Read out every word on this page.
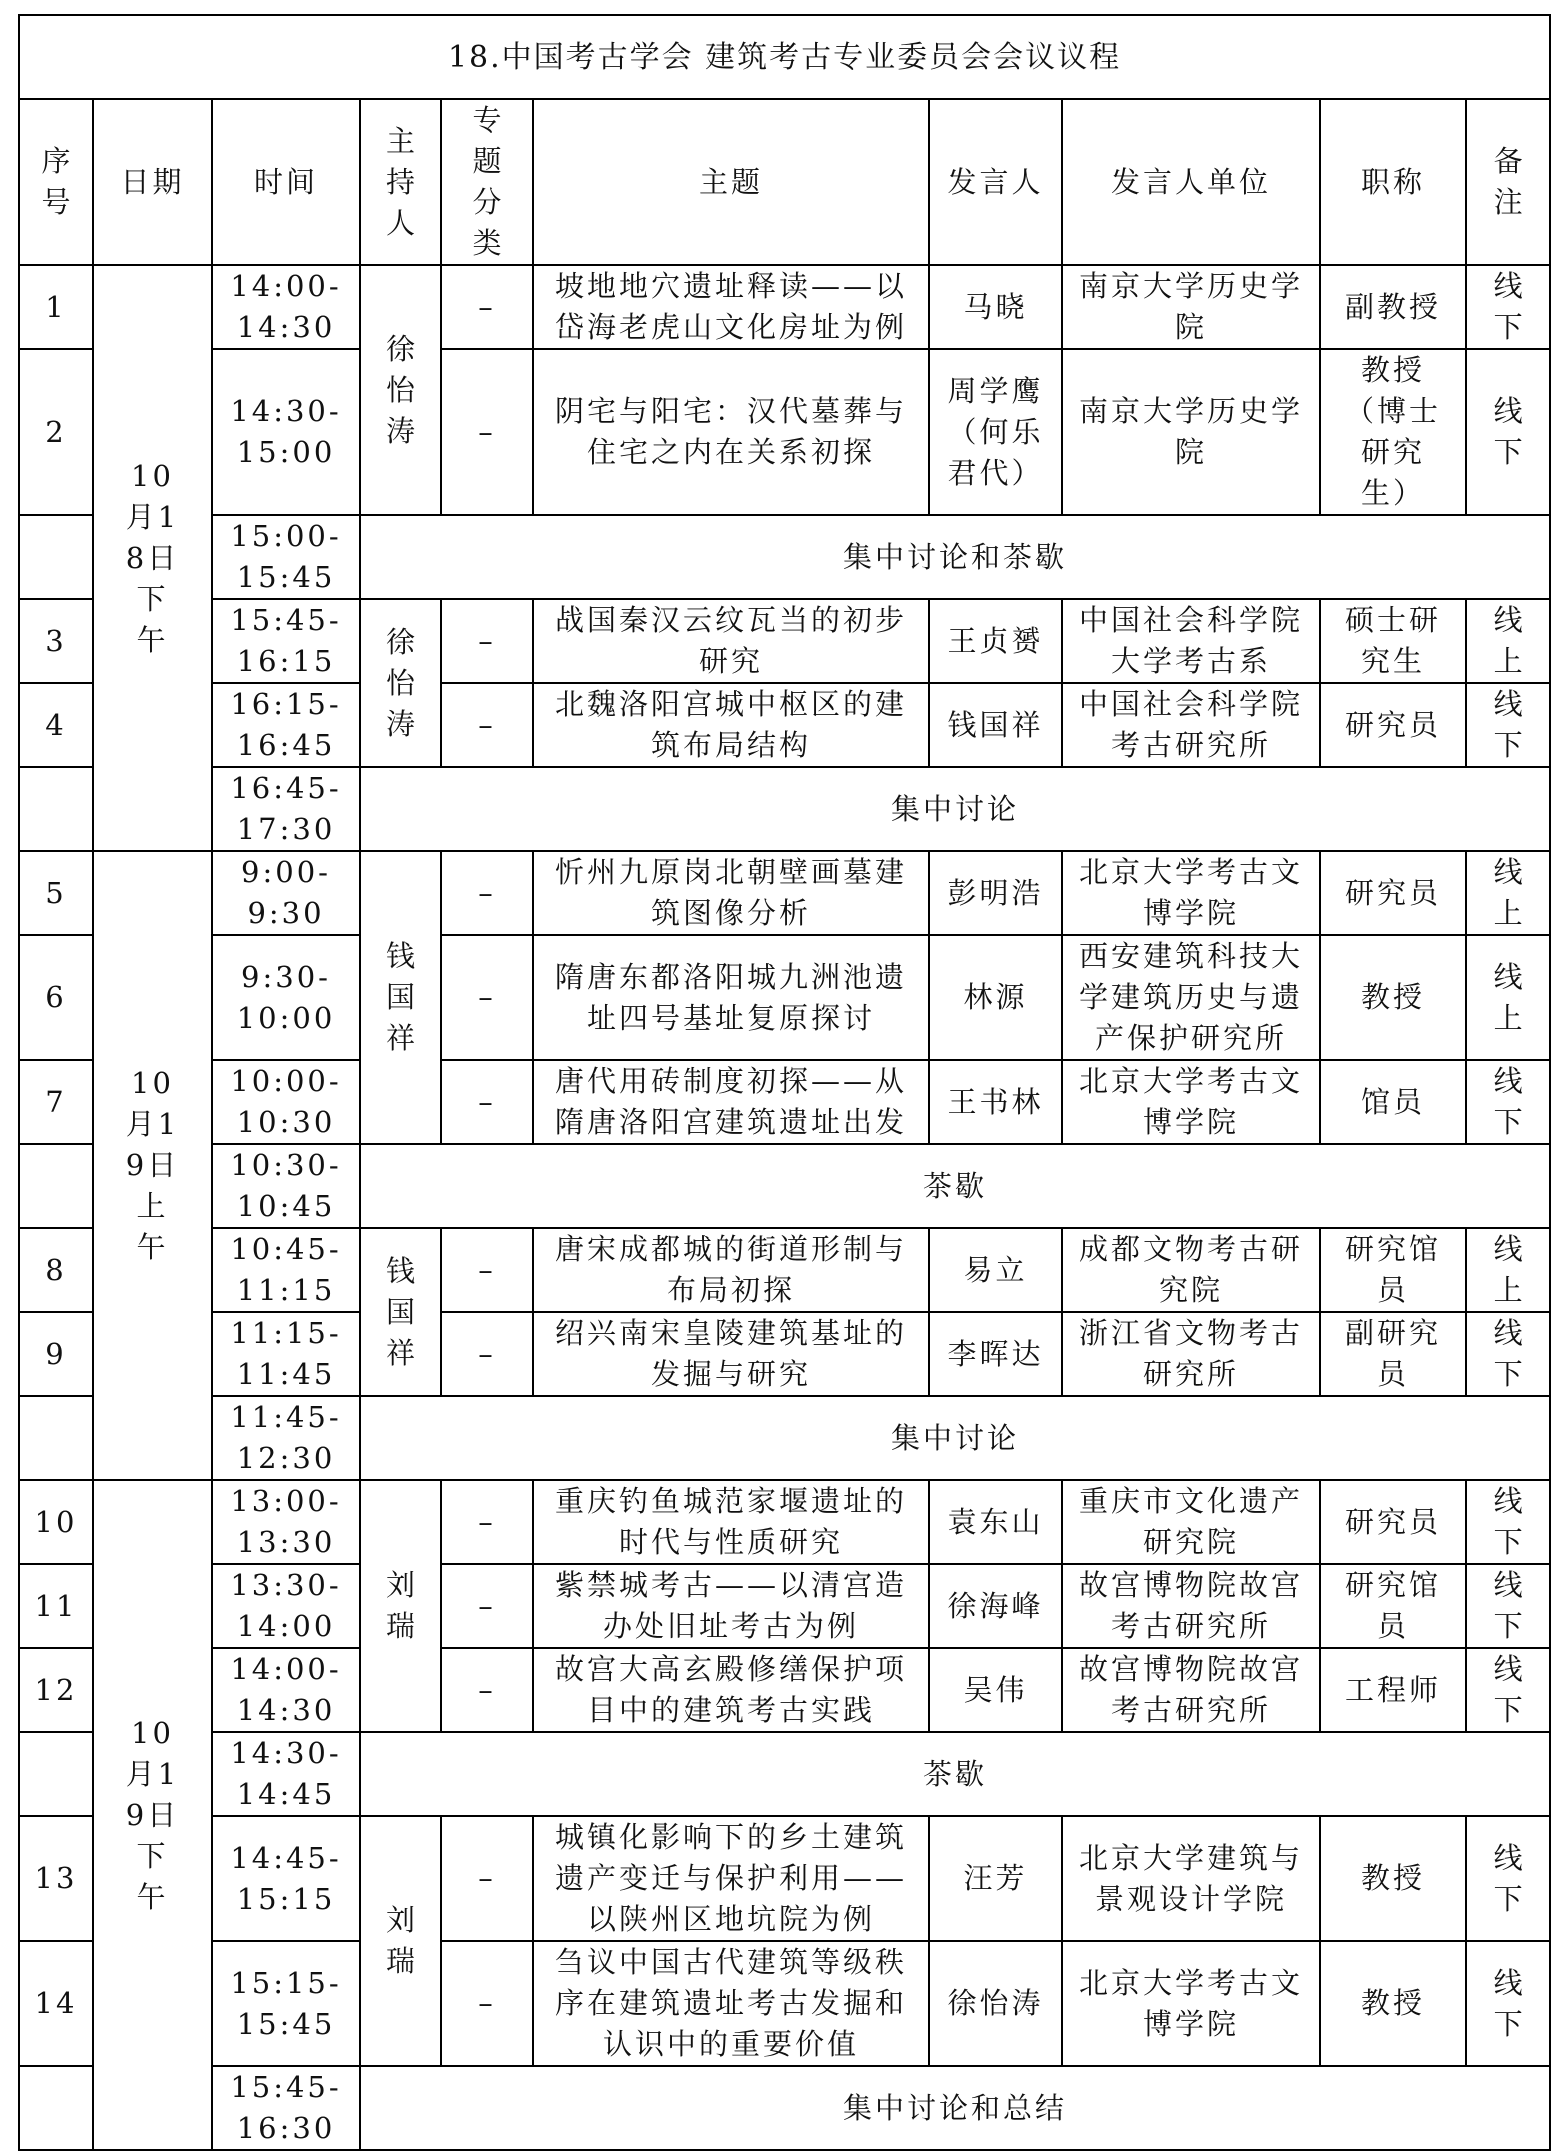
18.中国考古学会 建筑考古专业委员会会议议程									

序号	日期	时间	主持人	专题分类	主题	发言人	发言人单位	职称	备注

1	10月18日下午	14:00-
14:30	徐怡涛	–	坡地地穴遗址释读——以
岱海老虎山文化房址为例	马晓	南京大学历史学
院	副教授	线下

2		14:30-
15:00		–	阴宅与阳宅：汉代墓葬与
住宅之内在关系初探	周学鹰
（何乐
君代）	南京大学历史学
院	教授
（博士
研究
生）	线下

		15:00-
15:45	集中讨论和茶歇						
3		15:45-
16:15	徐怡涛	–	战国秦汉云纹瓦当的初步
研究	王贞赟	中国社会科学院
大学考古系	硕士研
究生	线上

4		16:15-
16:45		–	北魏洛阳宫城中枢区的建
筑布局结构	钱国祥	中国社会科学院
考古研究所	研究员	线下

		16:45-
17:30	集中讨论						
5	10月19日上午	9:00-
9:30	钱国祥	–	忻州九原岗北朝壁画墓建
筑图像分析	彭明浩	北京大学考古文
博学院	研究员	线上

6		9:30-
10:00		–	隋唐东都洛阳城九洲池遗
址四号基址复原探讨	林源	西安建筑科技大
学建筑历史与遗
产保护研究所	教授	线上

7		10:00-
10:30		–	唐代用砖制度初探——从
隋唐洛阳宫建筑遗址出发	王书林	北京大学考古文
博学院	馆员	线下

		10:30-
10:45	茶歇						
8		10:45-
11:15	钱国祥	–	唐宋成都城的街道形制与
布局初探	易立	成都文物考古研
究院	研究馆
员	线上

9		11:15-
11:45		–	绍兴南宋皇陵建筑基址的
发掘与研究	李晖达	浙江省文物考古
研究所	副研究
员	线下

		11:45-
12:30	集中讨论						
10	10月19日下午	13:00-
13:30	刘瑞	–	重庆钓鱼城范家堰遗址的
时代与性质研究	袁东山	重庆市文化遗产
研究院	研究员	线下

11		13:30-
14:00		–	紫禁城考古——以清宫造
办处旧址考古为例	徐海峰	故宫博物院故宫
考古研究所	研究馆
员	线下

12		14:00-
14:30		–	故宫大高玄殿修缮保护项
目中的建筑考古实践	吴伟	故宫博物院故宫
考古研究所	工程师	线下

		14:30-
14:45	茶歇						
13		14:45-
15:15	刘瑞	–	城镇化影响下的乡土建筑
遗产变迁与保护利用——
以陕州区地坑院为例	汪芳	北京大学建筑与
景观设计学院	教授	线下

14		15:15-
15:45		–	刍议中国古代建筑等级秩
序在建筑遗址考古发掘和
认识中的重要价值	徐怡涛	北京大学考古文
博学院	教授	线下

		15:45-
16:30	集中讨论和总结						
